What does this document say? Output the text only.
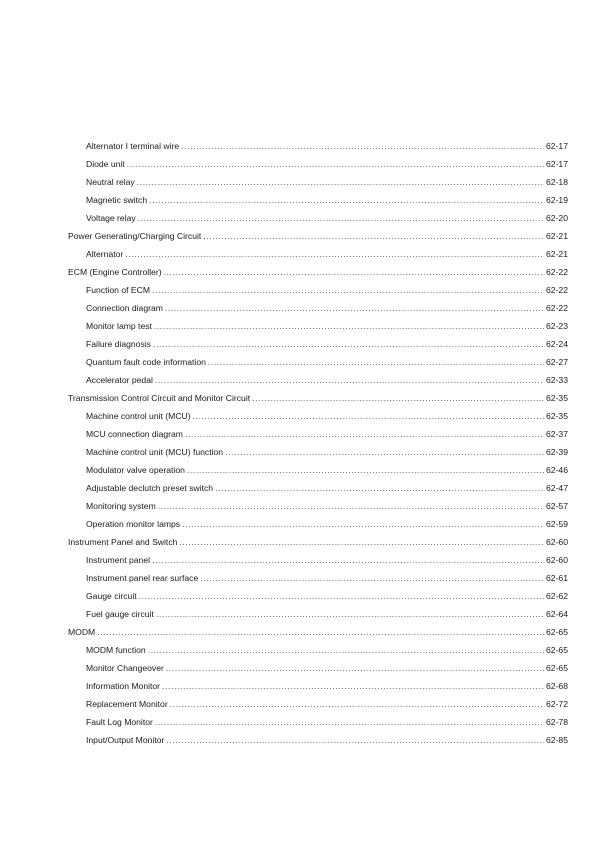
Alternator I terminal wire .....	62-17
Diode unit .....	62-17
Neutral relay .....	62-18
Magnetic switch .....	62-19
Voltage relay .....	62-20
Power Generating/Charging Circuit .....	62-21
Alternator .....	62-21
ECM (Engine Controller) .....	62-22
Function of ECM .....	62-22
Connection diagram .....	62-22
Monitor lamp test .....	62-23
Failure diagnosis .....	62-24
Quantum fault code information .....	62-27
Accelerator pedal .....	62-33
Transmission Control Circuit and Monitor Circuit .....	62-35
Machine control unit (MCU) .....	62-35
MCU connection diagram .....	62-37
Machine control unit (MCU) function .....	62-39
Modulator valve operation .....	62-46
Adjustable declutch preset switch .....	62-47
Monitoring system .....	62-57
Operation monitor lamps .....	62-59
Instrument Panel and Switch .....	62-60
Instrument panel .....	62-60
Instrument panel rear surface .....	62-61
Gauge circuit .....	62-62
Fuel gauge circuit .....	62-64
MODM .....	62-65
MODM function .....	62-65
Monitor Changeover .....	62-65
Information Monitor .....	62-68
Replacement Monitor .....	62-72
Fault Log Monitor .....	62-78
Input/Output Monitor .....	62-85
